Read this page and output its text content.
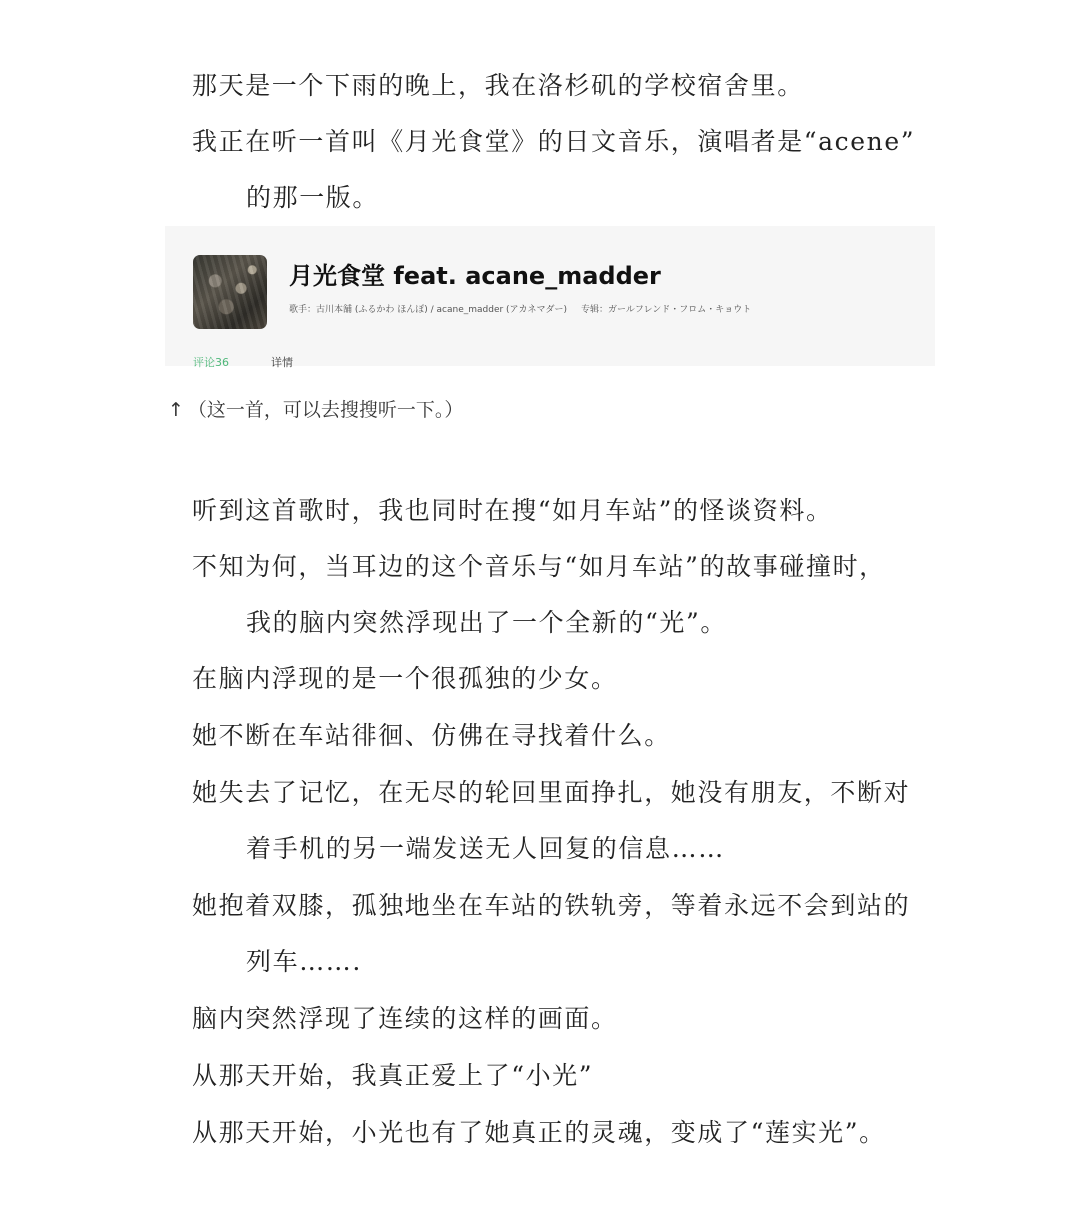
那天是一个下雨的晚上，我在洛杉矶的学校宿舍里。
我正在听一首叫《月光食堂》的日文音乐，演唱者是“acene”
的那一版。
月光食堂 feat. acane_madder
歌手：古川本舗 (ふるかわ ほんぽ) / acane_madder (アカネマダー) 专辑：ガールフレンド・フロム・キョウト
评论36	详情
↑ （这一首，可以去搜搜听一下。）
听到这首歌时，我也同时在搜“如月车站”的怪谈资料。
不知为何，当耳边的这个音乐与“如月车站”的故事碰撞时，
我的脑内突然浮现出了一个全新的“光”。
在脑内浮现的是一个很孤独的少女。
她不断在车站徘徊、仿佛在寻找着什么。
她失去了记忆，在无尽的轮回里面挣扎，她没有朋友，不断对
着手机的另一端发送无人回复的信息……
她抱着双膝，孤独地坐在车站的铁轨旁，等着永远不会到站的
列车…….
脑内突然浮现了连续的这样的画面。
从那天开始，我真正爱上了“小光”
从那天开始，小光也有了她真正的灵魂，变成了“莲实光”。
